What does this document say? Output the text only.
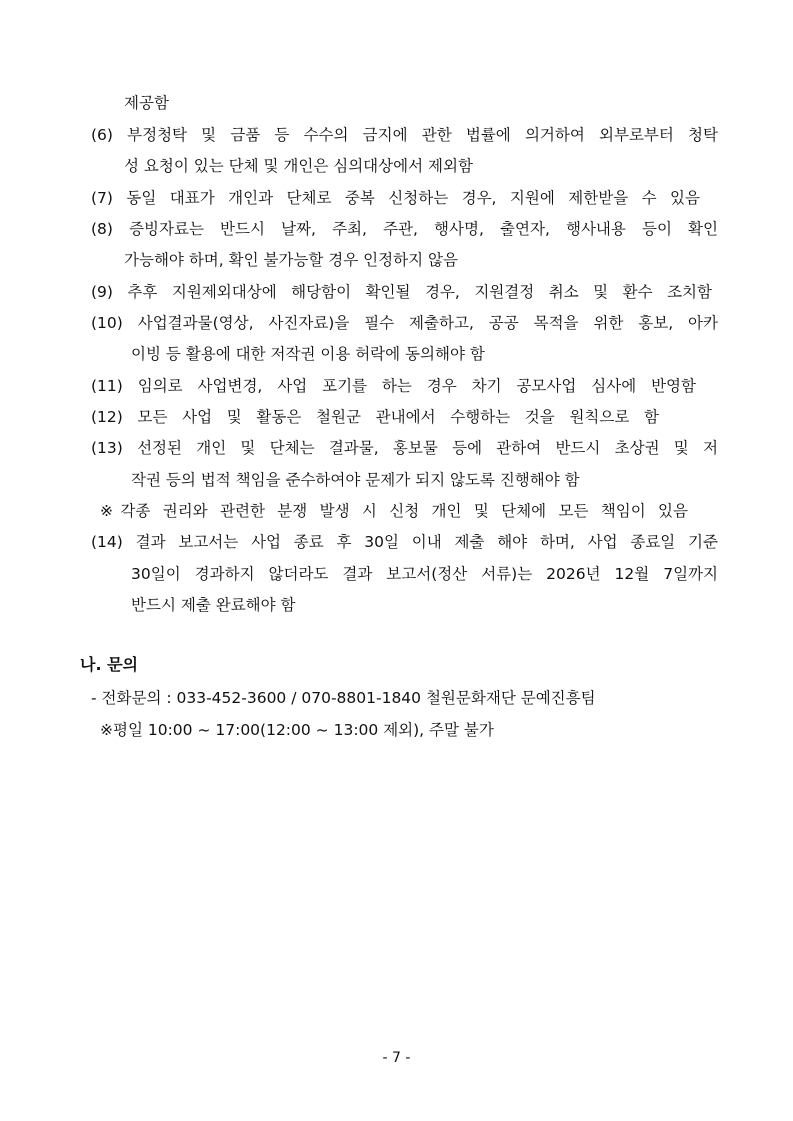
제공함
(6) 부정청탁 및 금품 등 수수의 금지에 관한 법률에 의거하여 외부로부터 청탁
성 요청이 있는 단체 및 개인은 심의대상에서 제외함
(7) 동일 대표가 개인과 단체로 중복 신청하는 경우, 지원에 제한받을 수 있음
(8) 증빙자료는 반드시 날짜, 주최, 주관, 행사명, 출연자, 행사내용 등이 확인
가능해야 하며, 확인 불가능할 경우 인정하지 않음
(9) 추후 지원제외대상에 해당함이 확인될 경우, 지원결정 취소 및 환수 조치함
(10) 사업결과물(영상, 사진자료)을 필수 제출하고, 공공 목적을 위한 홍보, 아카
이빙 등 활용에 대한 저작권 이용 허락에 동의해야 함
(11) 임의로 사업변경, 사업 포기를 하는 경우 차기 공모사업 심사에 반영함
(12) 모든 사업 및 활동은 철원군 관내에서 수행하는 것을 원칙으로 함
(13) 선정된 개인 및 단체는 결과물, 홍보물 등에 관하여 반드시 초상권 및 저
작권 등의 법적 책임을 준수하여야 문제가 되지 않도록 진행해야 함
※각종 권리와 관련한 분쟁 발생 시 신청 개인 및 단체에 모든 책임이 있음
(14) 결과 보고서는 사업 종료 후 30일 이내 제출 해야 하며, 사업 종료일 기준
30일이 경과하지 않더라도 결과 보고서(정산 서류)는 2026년 12월 7일까지
반드시 제출 완료해야 함
나. 문의
- 전화문의 : 033-452-3600 / 070-8801-1840 철원문화재단 문예진흥팀
※평일 10:00 ~ 17:00(12:00 ~ 13:00 제외), 주말 불가
- 7 -
